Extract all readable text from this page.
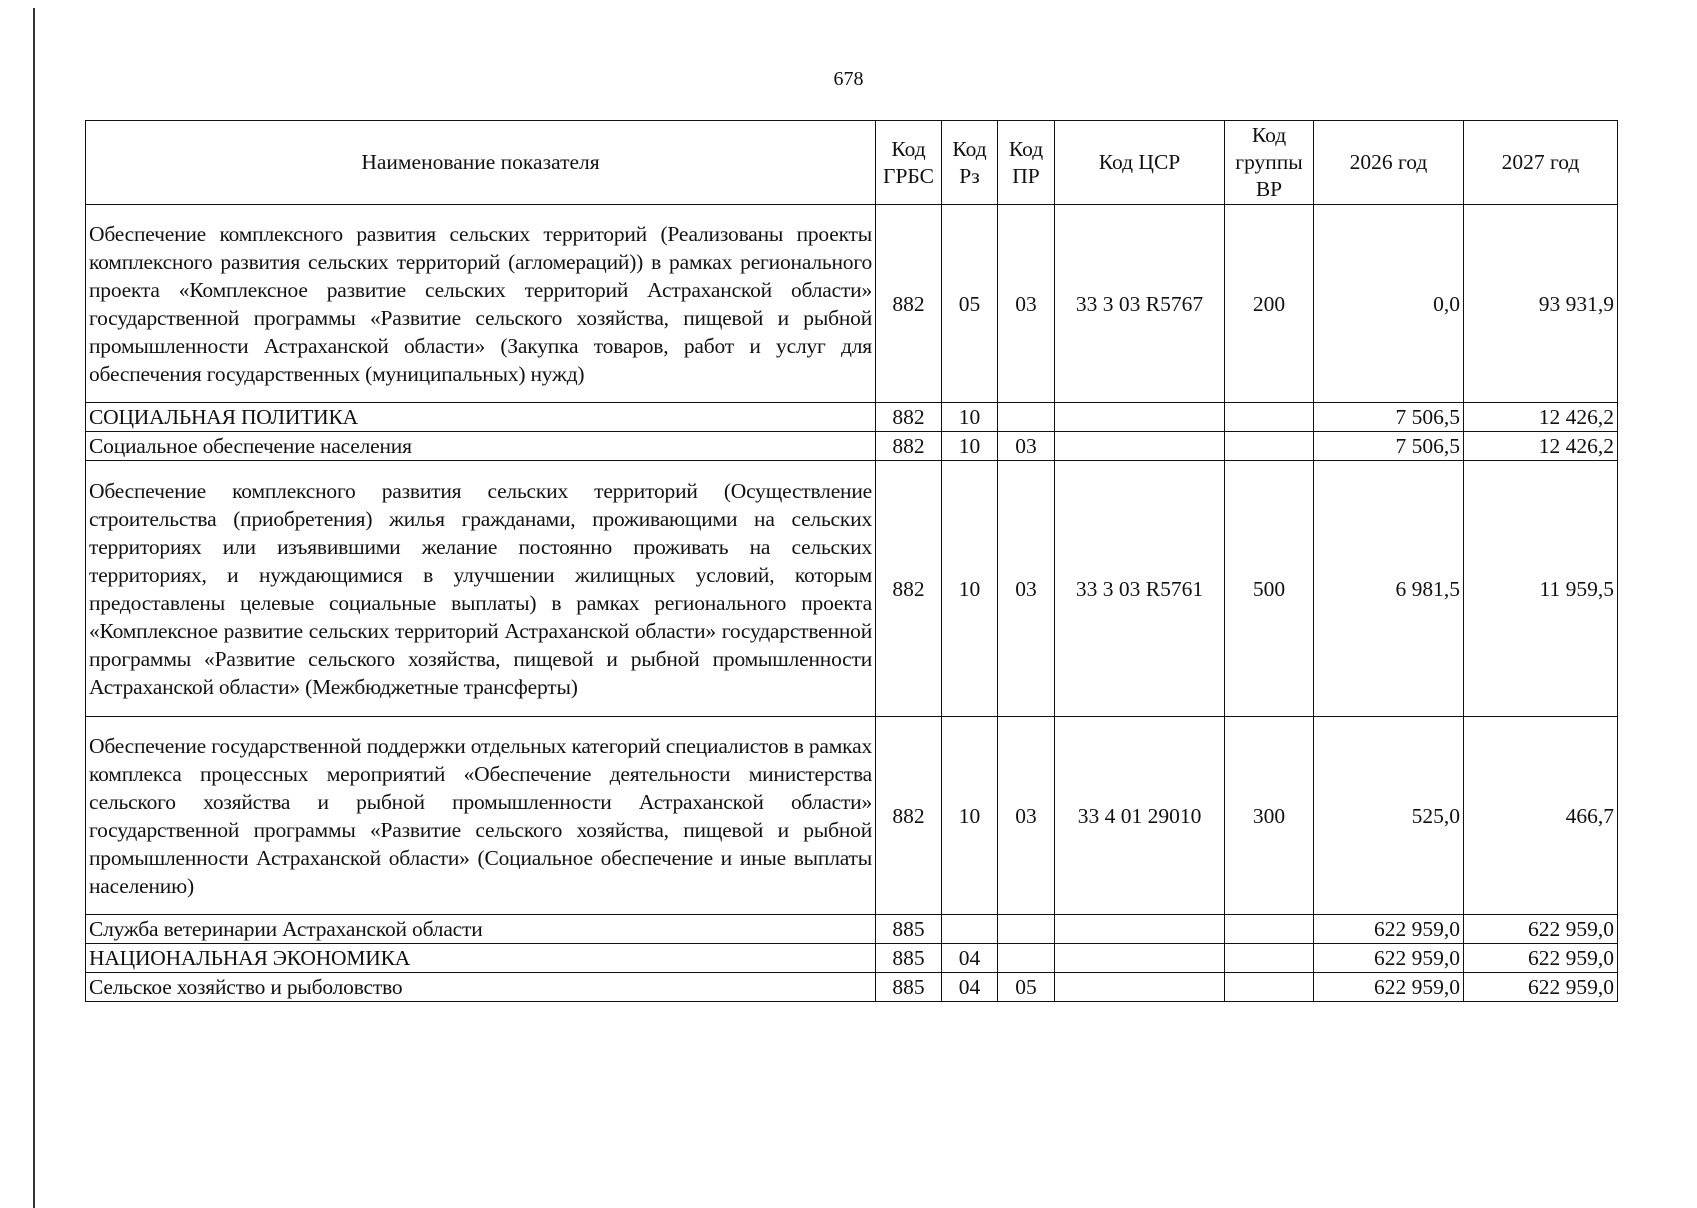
678
Наименование показателя	Код ГРБС	Код Рз	Код ПР	Код ЦСР	Код группы ВР	2026 год	2027 год
Обеспечение комплексного развития сельских территорий (Реализованы проекты комплексного развития сельских территорий (агломераций)) в рамках регионального проекта «Комплексное развитие сельских территорий Астраханской области» государственной программы «Развитие сельского хозяйства, пищевой и рыбной промышленности Астраханской области» (Закупка товаров, работ и услуг для обеспечения государственных (муниципальных) нужд)	882	05	03	33 3 03 R5767	200	0,0	93 931,9
СОЦИАЛЬНАЯ ПОЛИТИКА	882	10				7 506,5	12 426,2
Социальное обеспечение населения	882	10	03			7 506,5	12 426,2
Обеспечение комплексного развития сельских территорий (Осуществление строительства (приобретения) жилья гражданами, проживающими на сельских территориях или изъявившими желание постоянно проживать на сельских территориях, и нуждающимися в улучшении жилищных условий, которым предоставлены целевые социальные выплаты) в рамках регионального проекта «Комплексное развитие сельских территорий Астраханской области» государственной программы «Развитие сельского хозяйства, пищевой и рыбной промышленности Астраханской области» (Межбюджетные трансферты)	882	10	03	33 3 03 R5761	500	6 981,5	11 959,5
Обеспечение государственной поддержки отдельных категорий специалистов в рамках комплекса процессных мероприятий «Обеспечение деятельности министерства сельского хозяйства и рыбной промышленности Астраханской области» государственной программы «Развитие сельского хозяйства, пищевой и рыбной промышленности Астраханской области» (Социальное обеспечение и иные выплаты населению)	882	10	03	33 4 01 29010	300	525,0	466,7
Служба ветеринарии Астраханской области	885					622 959,0	622 959,0
НАЦИОНАЛЬНАЯ ЭКОНОМИКА	885	04				622 959,0	622 959,0
Сельское хозяйство и рыболовство	885	04	05			622 959,0	622 959,0
